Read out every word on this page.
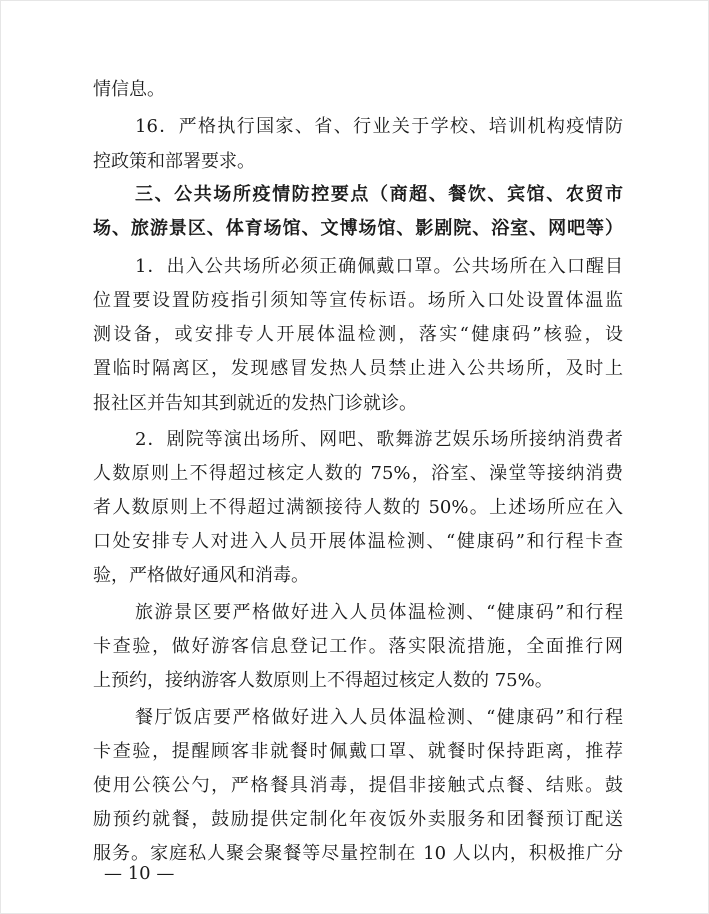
情信息。
16．严格执行国家、省、行业关于学校、培训机构疫情防
控政策和部署要求。
三、公共场所疫情防控要点（商超、餐饮、宾馆、农贸市
场、旅游景区、体育场馆、文博场馆、影剧院、浴室、网吧等）
1．出入公共场所必须正确佩戴口罩。公共场所在入口醒目
位置要设置防疫指引须知等宣传标语。场所入口处设置体温监
测设备，或安排专人开展体温检测，落实“健康码”核验，设
置临时隔离区，发现感冒发热人员禁止进入公共场所，及时上
报社区并告知其到就近的发热门诊就诊。
2．剧院等演出场所、网吧、歌舞游艺娱乐场所接纳消费者
人数原则上不得超过核定人数的 75%，浴室、澡堂等接纳消费
者人数原则上不得超过满额接待人数的 50%。上述场所应在入
口处安排专人对进入人员开展体温检测、“健康码”和行程卡查
验，严格做好通风和消毒。
旅游景区要严格做好进入人员体温检测、“健康码”和行程
卡查验，做好游客信息登记工作。落实限流措施，全面推行网
上预约，接纳游客人数原则上不得超过核定人数的 75%。
餐厅饭店要严格做好进入人员体温检测、“健康码”和行程
卡查验，提醒顾客非就餐时佩戴口罩、就餐时保持距离，推荐
使用公筷公勺，严格餐具消毒，提倡非接触式点餐、结账。鼓
励预约就餐，鼓励提供定制化年夜饭外卖服务和团餐预订配送
服务。家庭私人聚会聚餐等尽量控制在 10 人以内，积极推广分
— 10 —
